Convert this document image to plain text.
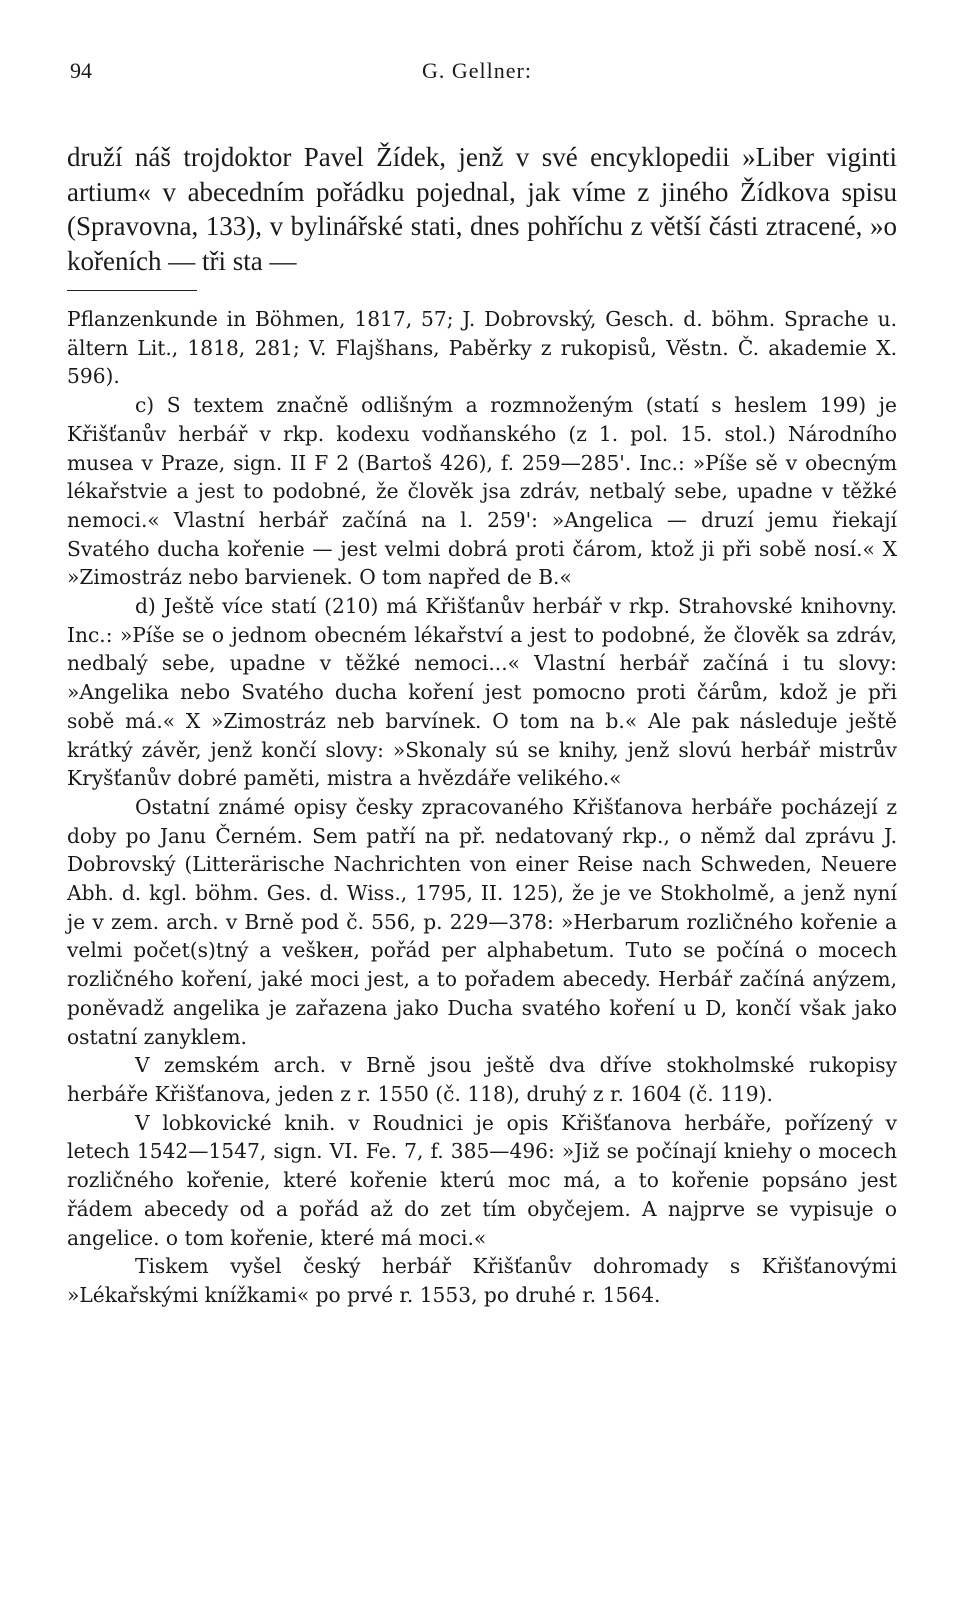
94	G. Gellner:

druží náš trojdoktor Pavel Žídek, jenž v své encyklopedii »Liber viginti artium« v abecedním pořádku pojednal, jak víme z jiného Žídkova spisu (Spravovna, 133), v bylinářské stati, dnes pohříchu z větší části ztracené, »o kořeních — tři sta —

Pflanzenkunde in Böhmen, 1817, 57; J. Dobrovský, Gesch. d. böhm. Sprache u. ältern Lit., 1818, 281; V. Flajšhans, Paběrky z rukopisů, Věstn. Č. akademie X. 596).

c) S textem značně odlišným a rozmnoženým (statí s heslem 199) je Křišťanův herbář v rkp. kodexu vodňanského (z 1. pol. 15. stol.) Národního musea v Praze, sign. II F 2 (Bartoš 426), f. 259—285'. Inc.: »Píše sě v obecným lékařstvie a jest to podobné, že člověk jsa zdráv, netbalý sebe, upadne v těžké nemoci.« Vlastní herbář začíná na l. 259': »Angelica — druzí jemu řiekají Svatého ducha kořenie — jest velmi dobrá proti čárom, ktož ji při sobě nosí.« X »Zimostráz nebo barvienek. O tom napřed de B.«

d) Ještě více statí (210) má Křišťanův herbář v rkp. Strahovské knihovny. Inc.: »Píše se o jednom obecném lékařství a jest to podobné, že člověk sa zdráv, nedbalý sebe, upadne v těžké nemoci...« Vlastní herbář začíná i tu slovy: »Angelika nebo Svatého ducha koření jest pomocno proti čárům, kdož je při sobě má.« X »Zimostráz neb barvínek. O tom na b.« Ale pak následuje ještě krátký závěr, jenž končí slovy: »Skonaly sú se knihy, jenž slovú herbář mistrův Kryšťanův dobré paměti, mistra a hvězdáře velikého.«

Ostatní známé opisy česky zpracovaného Křišťanova herbáře pocházejí z doby po Janu Černém. Sem patří na př. nedatovaný rkp., o němž dal zprávu J. Dobrovský (Litterärische Nachrichten von einer Reise nach Schweden, Neuere Abh. d. kgl. böhm. Ges. d. Wiss., 1795, II. 125), že je ve Stokholmě, a jenž nyní je v zem. arch. v Brně pod č. 556, p. 229—378: »Herbarum rozličného kořenie a velmi počet(s)tný a veškeн, pořád per alphabetum. Tuto se počíná o mocech rozličného koření, jaké moci jest, a to pořadem abecedy. Herbář začíná anýzem, poněvadž angelika je zařazena jako Ducha svatého koření u D, končí však jako ostatní zanyklem.

V zemském arch. v Brně jsou ještě dva dříve stokholmské rukopisy herbáře Křišťanova, jeden z r. 1550 (č. 118), druhý z r. 1604 (č. 119).

V lobkovické knih. v Roudnici je opis Křišťanova herbáře, pořízený v letech 1542—1547, sign. VI. Fe. 7, f. 385—496: »Již se počínají kniehy o mocech rozličného kořenie, které kořenie kterú moc má, a to kořenie popsáno jest řádem abecedy od a pořád až do zet tím obyčejem. A najprve se vypisuje o angelice. o tom kořenie, které má moci.«

Tiskem vyšel český herbář Křišťanův dohromady s Křišťanovými »Lékařskými knížkami« po prvé r. 1553, po druhé r. 1564.
